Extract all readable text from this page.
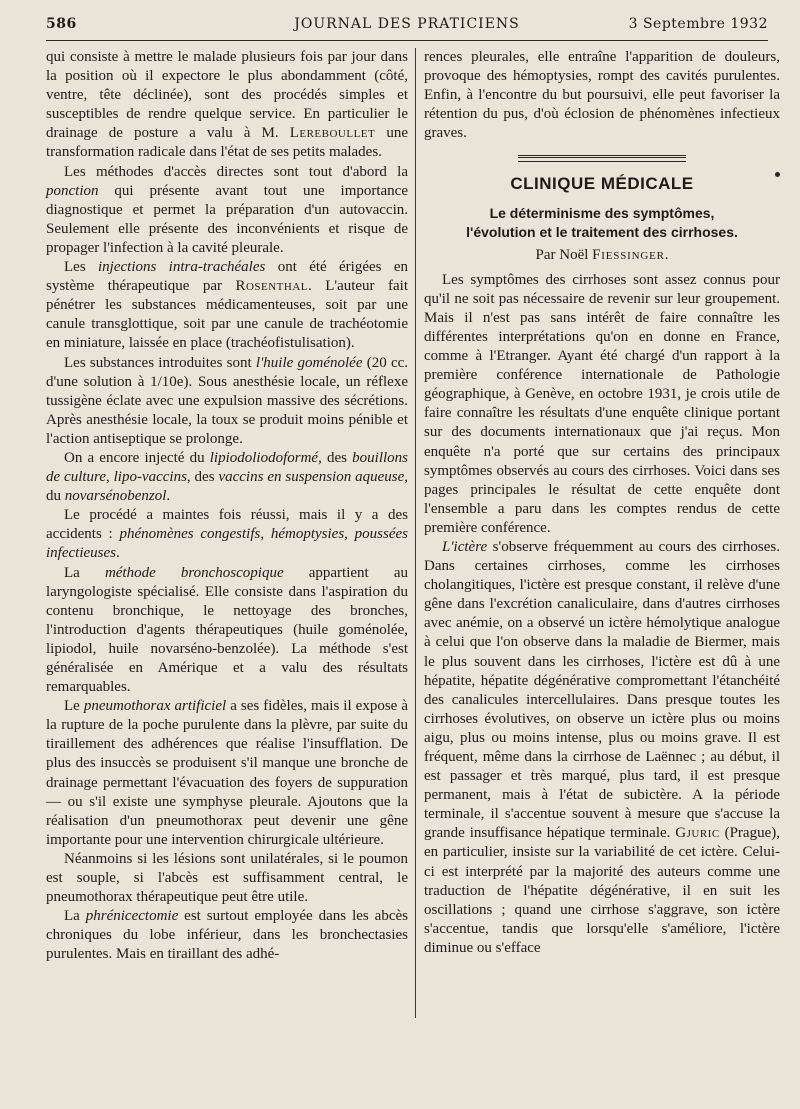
586	JOURNAL DES PRATICIENS	3 Septembre 1932

qui consiste à mettre le malade plusieurs fois par jour dans la position où il expectore le plus abondamment (côté, ventre, tête déclinée), sont des procédés simples et susceptibles de rendre quelque service. En particulier le drainage de posture a valu à M. Lereboullet une transformation radicale dans l'état de ses petits malades.

Les méthodes d'accès directes sont tout d'abord la ponction qui présente avant tout une importance diagnostique et permet la préparation d'un autovaccin. Seulement elle présente des inconvénients et risque de propager l'infection à la cavité pleurale.

Les injections intra-trachéales ont été érigées en système thérapeutique par Rosenthal. L'auteur fait pénétrer les substances médicamenteuses, soit par une canule transglottique, soit par une canule de trachéotomie en miniature, laissée en place (trachéofistulisation).

Les substances introduites sont l'huile goménolée (20 cc. d'une solution à 1/10e). Sous anesthésie locale, un réflexe tussigène éclate avec une expulsion massive des sécrétions. Après anesthésie locale, la toux se produit moins pénible et l'action antiseptique se prolonge.

On a encore injecté du lipiodoliodoformé, des bouillons de culture, lipo-vaccins, des vaccins en suspension aqueuse, du novarsénobenzol.

Le procédé a maintes fois réussi, mais il y a des accidents : phénomènes congestifs, hémoptysies, poussées infectieuses.

La méthode bronchoscopique appartient au laryngologiste spécialisé. Elle consiste dans l'aspiration du contenu bronchique, le nettoyage des bronches, l'introduction d'agents thérapeutiques (huile goménolée, lipiodol, huile novarséno-benzolée). La méthode s'est généralisée en Amérique et a valu des résultats remarquables.

Le pneumothorax artificiel a ses fidèles, mais il expose à la rupture de la poche purulente dans la plèvre, par suite du tiraillement des adhérences que réalise l'insufflation. De plus des insuccès se produisent s'il manque une bronche de drainage permettant l'évacuation des foyers de suppuration — ou s'il existe une symphyse pleurale. Ajoutons que la réalisation d'un pneumothorax peut devenir une gêne importante pour une intervention chirurgicale ultérieure.

Néanmoins si les lésions sont unilatérales, si le poumon est souple, si l'abcès est suffisamment central, le pneumothorax thérapeutique peut être utile.

La phrénicectomie est surtout employée dans les abcès chroniques du lobe inférieur, dans les bronchectasies purulentes. Mais en tiraillant des adhé-

rences pleurales, elle entraîne l'apparition de douleurs, provoque des hémoptysies, rompt des cavités purulentes. Enfin, à l'encontre du but poursuivi, elle peut favoriser la rétention du pus, d'où éclosion de phénomènes infectieux graves.

CLINIQUE MÉDICALE
Le déterminisme des symptômes,
l'évolution et le traitement des cirrhoses.
Par Noël Fiessinger.

Les symptômes des cirrhoses sont assez connus pour qu'il ne soit pas nécessaire de revenir sur leur groupement. Mais il n'est pas sans intérêt de faire connaître les différentes interprétations qu'on en donne en France, comme à l'Etranger. Ayant été chargé d'un rapport à la première conférence internationale de Pathologie géographique, à Genève, en octobre 1931, je crois utile de faire connaître les résultats d'une enquête clinique portant sur des documents internationaux que j'ai reçus. Mon enquête n'a porté que sur certains des principaux symptômes observés au cours des cirrhoses. Voici dans ses pages principales le résultat de cette enquête dont l'ensemble a paru dans les comptes rendus de cette première conférence.

L'ictère s'observe fréquemment au cours des cirrhoses. Dans certaines cirrhoses, comme les cirrhoses cholangitiques, l'ictère est presque constant, il relève d'une gêne dans l'excrétion canaliculaire, dans d'autres cirrhoses avec anémie, on a observé un ictère hémolytique analogue à celui que l'on observe dans la maladie de Biermer, mais le plus souvent dans les cirrhoses, l'ictère est dû à une hépatite, hépatite dégénérative compromettant l'étanchéité des canalicules intercellulaires. Dans presque toutes les cirrhoses évolutives, on observe un ictère plus ou moins aigu, plus ou moins intense, plus ou moins grave. Il est fréquent, même dans la cirrhose de Laënnec ; au début, il est passager et très marqué, plus tard, il est presque permanent, mais à l'état de subictère. A la période terminale, il s'accentue souvent à mesure que s'accuse la grande insuffisance hépatique terminale. Gjuric (Prague), en particulier, insiste sur la variabilité de cet ictère. Celui-ci est interprété par la majorité des auteurs comme une traduction de l'hépatite dégénérative, il en suit les oscillations ; quand une cirrhose s'aggrave, son ictère s'accentue, tandis que lorsqu'elle s'améliore, l'ictère diminue ou s'efface
